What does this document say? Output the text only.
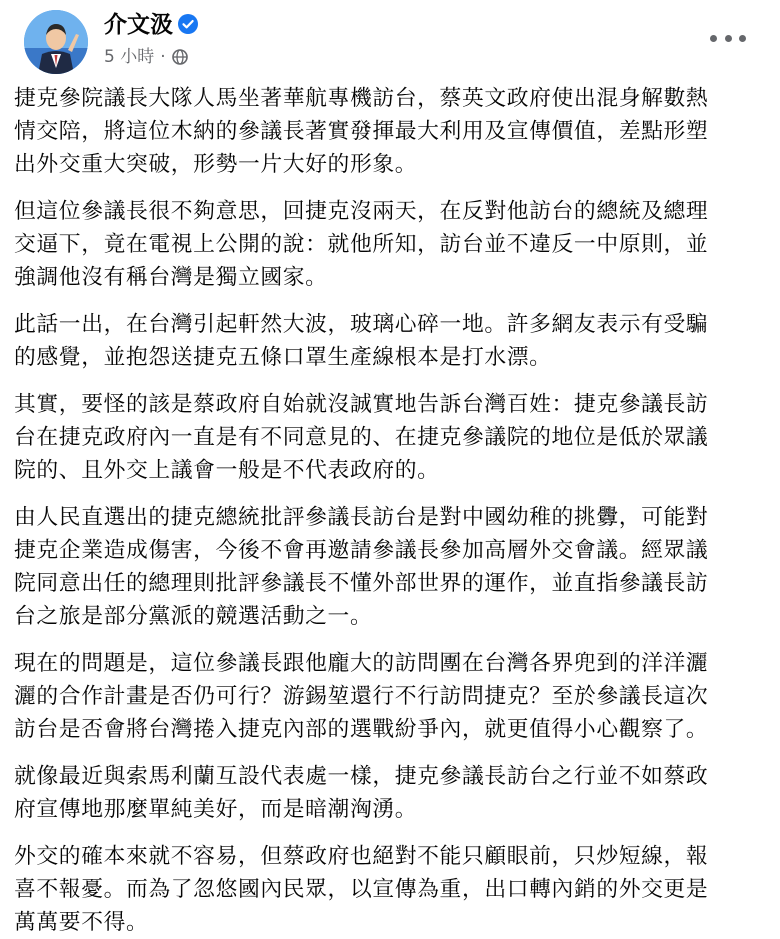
介文汲
5 小時 ·

捷克參院議長大隊人馬坐著華航專機訪台，蔡英文政府使出混身解數熱
情交陪，將這位木納的參議長著實發揮最大利用及宣傳價值，差點形塑
出外交重大突破，形勢一片大好的形象。

但這位參議長很不夠意思，回捷克沒兩天，在反對他訪台的總統及總理
交逼下，竟在電視上公開的說：就他所知，訪台並不違反一中原則，並
強調他沒有稱台灣是獨立國家。

此話一出，在台灣引起軒然大波，玻璃心碎一地。許多網友表示有受騙
的感覺，並抱怨送捷克五條口罩生產線根本是打水漂。

其實，要怪的該是蔡政府自始就沒誠實地告訴台灣百姓：捷克參議長訪
台在捷克政府內一直是有不同意見的、在捷克參議院的地位是低於眾議
院的、且外交上議會一般是不代表政府的。

由人民直選出的捷克總統批評參議長訪台是對中國幼稚的挑釁，可能對
捷克企業造成傷害，今後不會再邀請參議長參加高層外交會議。經眾議
院同意出任的總理則批評參議長不懂外部世界的運作，並直指參議長訪
台之旅是部分黨派的競選活動之一。

現在的問題是，這位參議長跟他龐大的訪問團在台灣各界兜到的洋洋灑
灑的合作計畫是否仍可行？游錫堃還行不行訪問捷克？至於參議長這次
訪台是否會將台灣捲入捷克內部的選戰紛爭內，就更值得小心觀察了。

就像最近與索馬利蘭互設代表處一樣，捷克參議長訪台之行並不如蔡政
府宣傳地那麼單純美好，而是暗潮洶湧。

外交的確本來就不容易，但蔡政府也絕對不能只顧眼前，只炒短線，報
喜不報憂。而為了忽悠國內民眾，以宣傳為重，出口轉內銷的外交更是
萬萬要不得。
